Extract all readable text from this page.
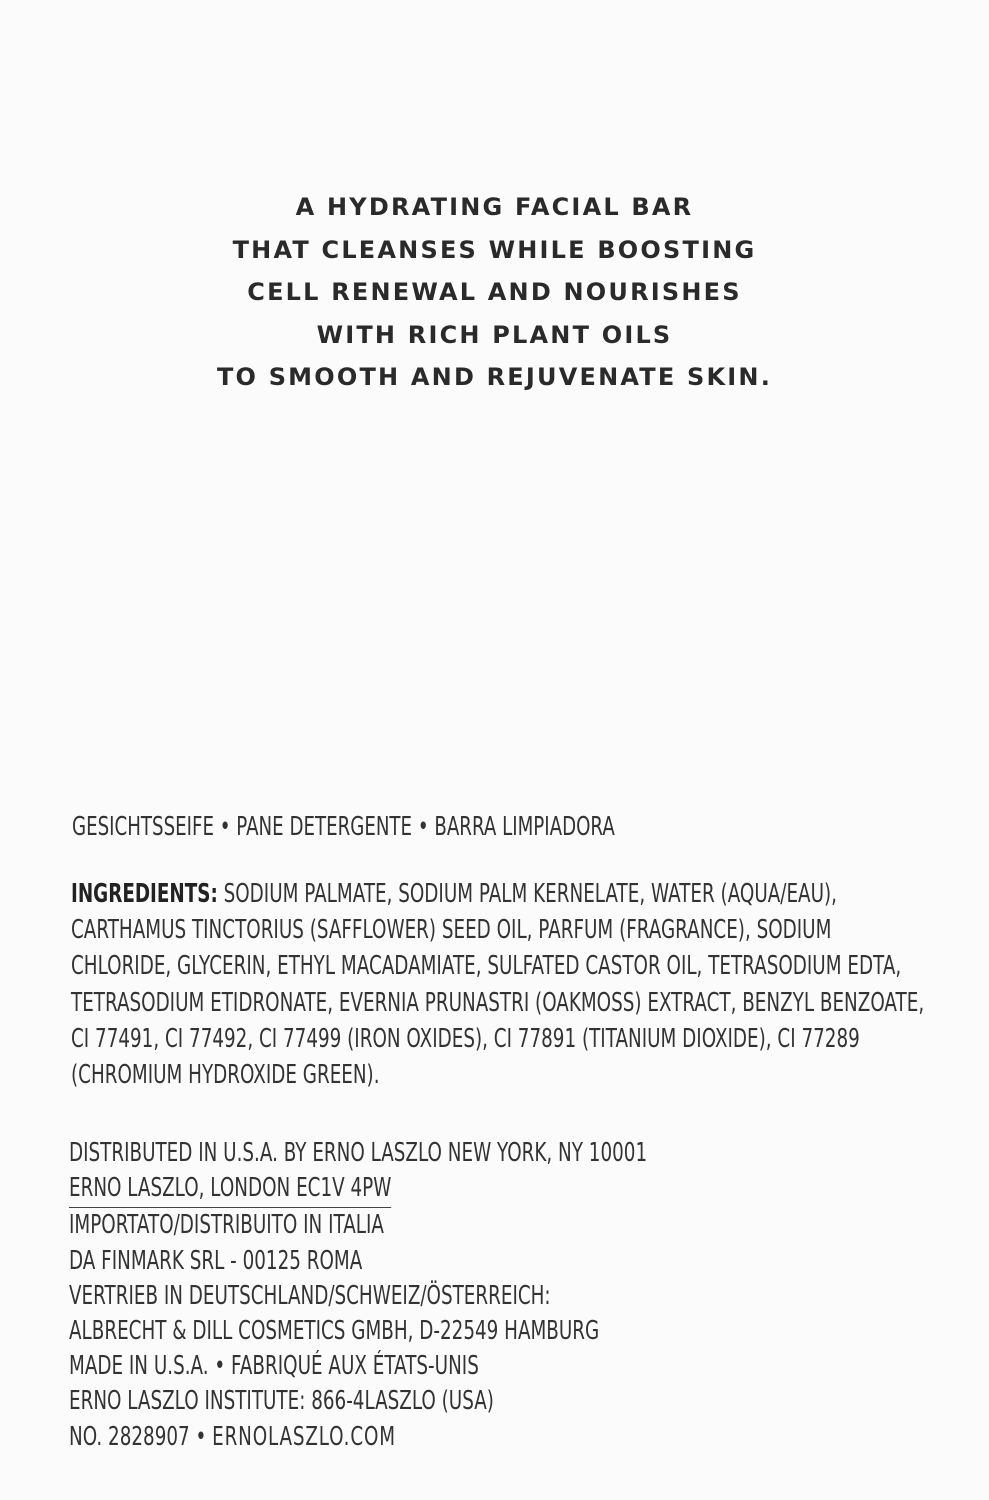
A HYDRATING FACIAL BAR
THAT CLEANSES WHILE BOOSTING
CELL RENEWAL AND NOURISHES
WITH RICH PLANT OILS
TO SMOOTH AND REJUVENATE SKIN.
GESICHTSSEIFE • PANE DETERGENTE • BARRA LIMPIADORA
INGREDIENTS: SODIUM PALMATE, SODIUM PALM KERNELATE, WATER (AQUA/EAU),
CARTHAMUS TINCTORIUS (SAFFLOWER) SEED OIL, PARFUM (FRAGRANCE), SODIUM
CHLORIDE, GLYCERIN, ETHYL MACADAMIATE, SULFATED CASTOR OIL, TETRASODIUM EDTA,
TETRASODIUM ETIDRONATE, EVERNIA PRUNASTRI (OAKMOSS) EXTRACT, BENZYL BENZOATE,
CI 77491, CI 77492, CI 77499 (IRON OXIDES), CI 77891 (TITANIUM DIOXIDE), CI 77289
(CHROMIUM HYDROXIDE GREEN).
DISTRIBUTED IN U.S.A. BY ERNO LASZLO NEW YORK, NY 10001
ERNO LASZLO, LONDON EC1V 4PW
IMPORTATO/DISTRIBUITO IN ITALIA
DA FINMARK SRL - 00125 ROMA
VERTRIEB IN DEUTSCHLAND/SCHWEIZ/ÖSTERREICH:
ALBRECHT & DILL COSMETICS GMBH, D-22549 HAMBURG
MADE IN U.S.A. • FABRIQUÉ AUX ÉTATS-UNIS
ERNO LASZLO INSTITUTE: 866-4LASZLO (USA)
NO. 2828907 • ERNOLASZLO.COM
